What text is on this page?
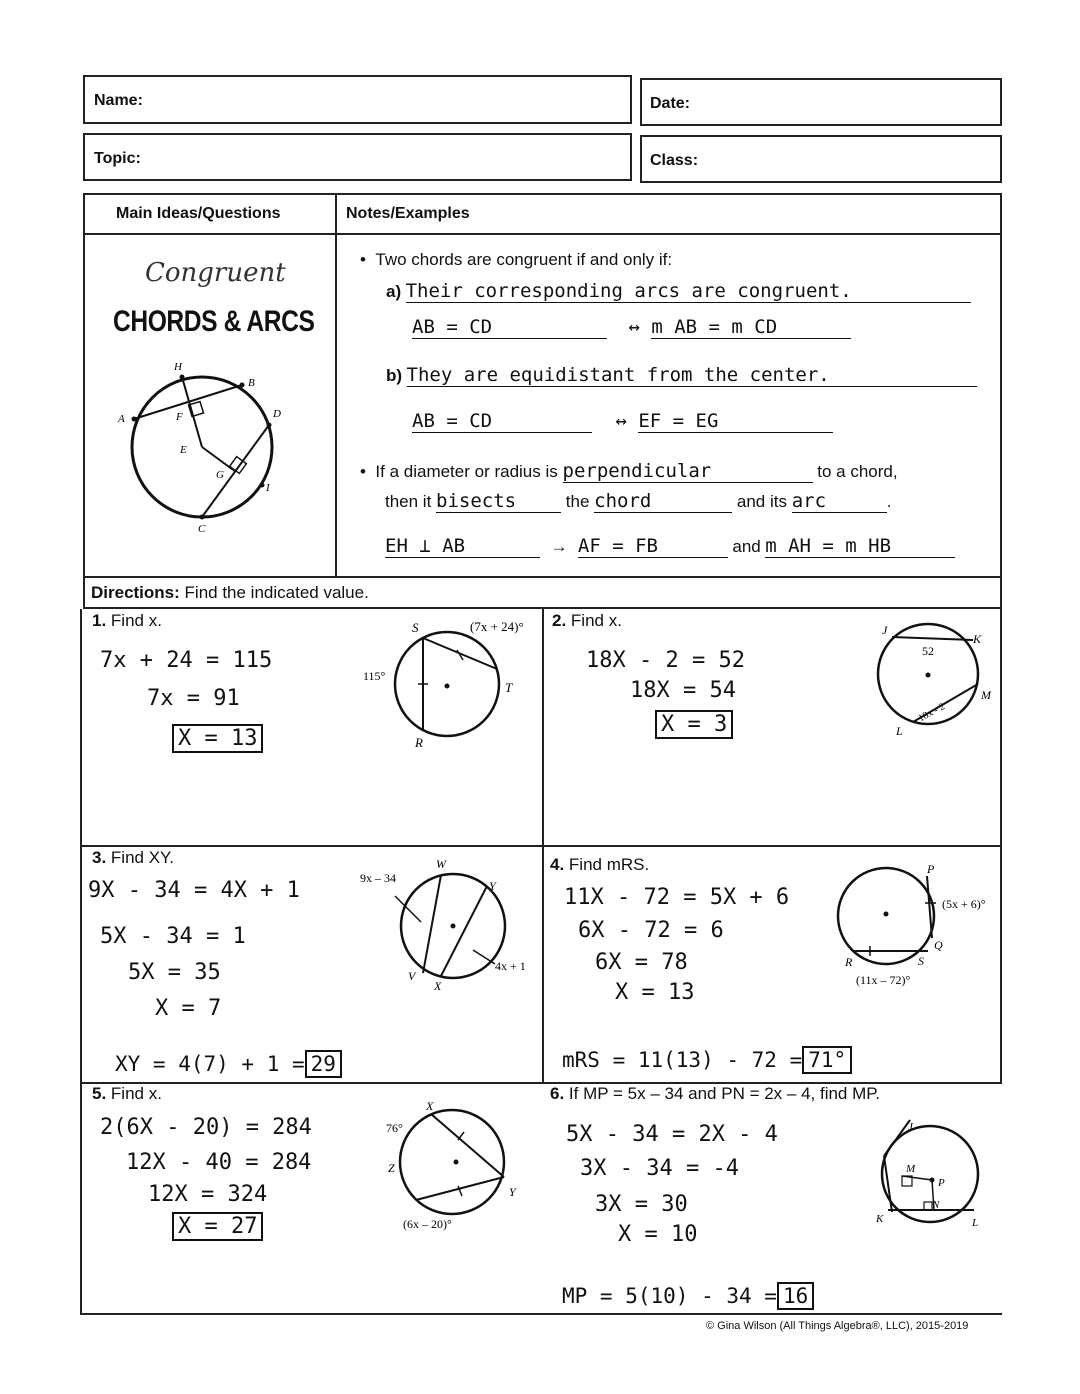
Name:	Date:
Topic:	Class:
Main Ideas/Questions	Notes/Examples
Congruent
CHORDS & ARCS
H
B
A	F	D
E
G
I
C
•  Two chords are congruent if and only if:
a) Their corresponding arcs are congruent.
AB = CD	↔ m AB = m CD
b) They are equidistant from the center.
AB = CD	↔ EF = EG
•  If a diameter or radius is perpendicular	to a chord,
then it bisects	the chord	and its arc	.
EH ⊥ AB	→ AF = FB	and m AH = m HB
Directions: Find the indicated value.
1. Find x.
7x + 24 = 115
7x = 91
X = 13
S	(7x + 24)°
115°
T
R
2. Find x.
18X - 2 = 52
18X = 54
X = 3
J
K
52
M
18x - 2
L
3. Find XY.
9X - 34 = 4X + 1
5X - 34 = 1
5X = 35
X = 7
XY = 4(7) + 1 = 29
9x – 34
W
Y
4x + 1
V
X
4. Find mRS.
11X - 72 = 5X + 6
6X - 72 = 6
6X = 78
X = 13
mRS = 11(13) - 72 = 71°
P
(5x + 6)°
Q
R	S
(11x – 72)°
5. Find x.
2(6X - 20) = 284
12X - 40 = 284
12X = 324
X = 27
X
76°
Z
Y
(6x – 20)°
6. If MP = 5x – 34 and PN = 2x – 4, find MP.
5X - 34 = 2X - 4
3X - 34 = -4
3X = 30
X = 10
MP = 5(10) - 34 = 16
J
M
P
K
N
L
© Gina Wilson (All Things Algebra®, LLC), 2015-2019
